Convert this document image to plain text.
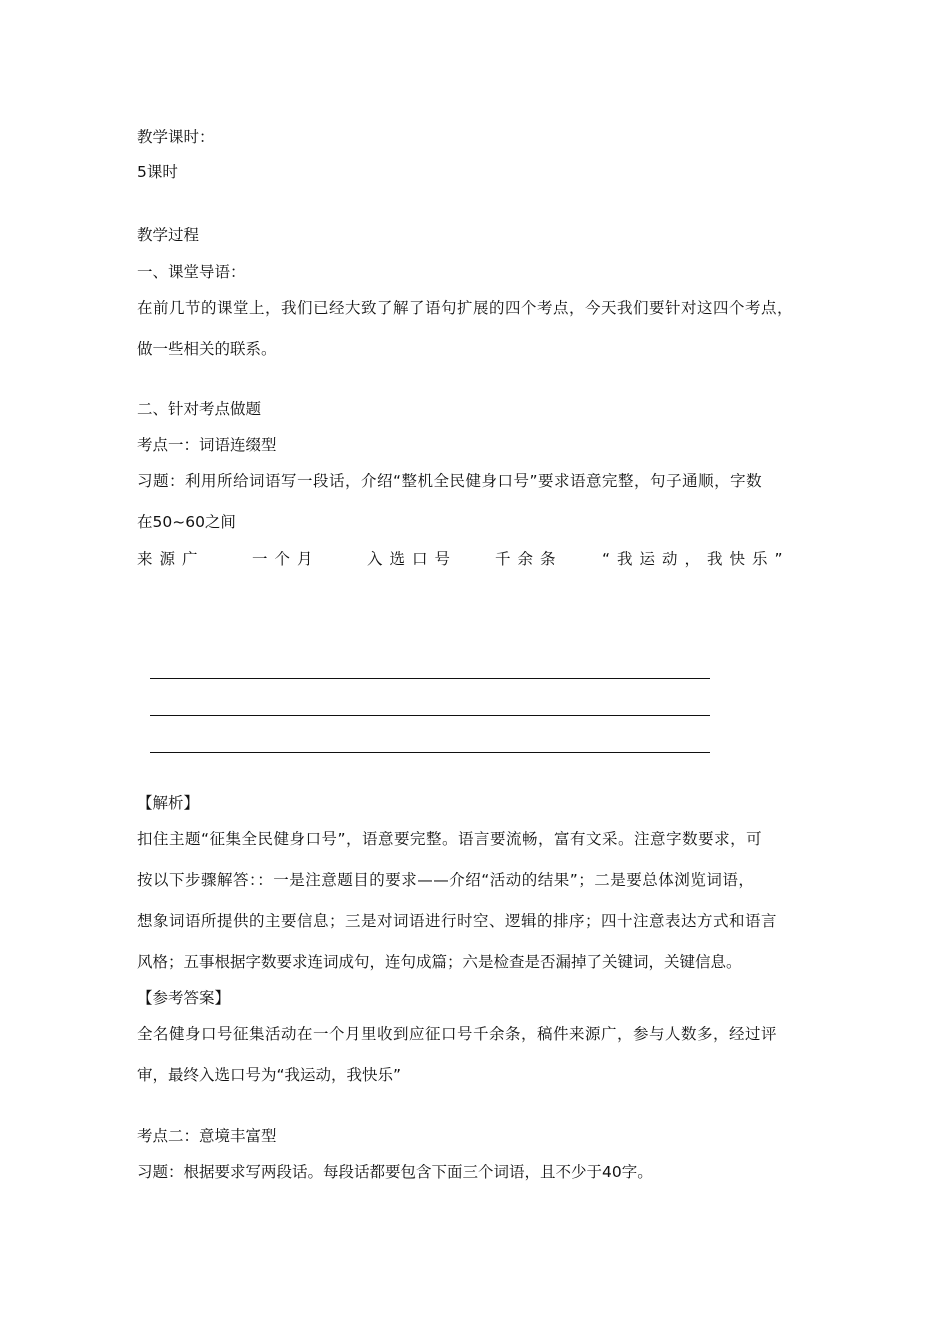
教学课时：
5课时
教学过程
一、课堂导语：
在前几节的课堂上，我们已经大致了解了语句扩展的四个考点，今天我们要针对这四个考点，
做一些相关的联系。
二、针对考点做题
考点一：词语连缀型
习题：利用所给词语写一段话，介绍“整机全民健身口号”要求语意完整，句子通顺，字数
在50~60之间
来源广	一个月	入选口号 千余条	“我运动，我快乐”
【解析】
扣住主题“征集全民健身口号”，语意要完整。语言要流畅，富有文采。注意字数要求，可
按以下步骤解答：：一是注意题目的要求——介绍“活动的结果”；二是要总体浏览词语，
想象词语所提供的主要信息；三是对词语进行时空、逻辑的排序；四十注意表达方式和语言
风格；五事根据字数要求连词成句，连句成篇；六是检查是否漏掉了关键词，关键信息。
【参考答案】
全名健身口号征集活动在一个月里收到应征口号千余条，稿件来源广，参与人数多，经过评
审，最终入选口号为“我运动，我快乐”
考点二：意境丰富型
习题：根据要求写两段话。每段话都要包含下面三个词语，且不少于40字。
